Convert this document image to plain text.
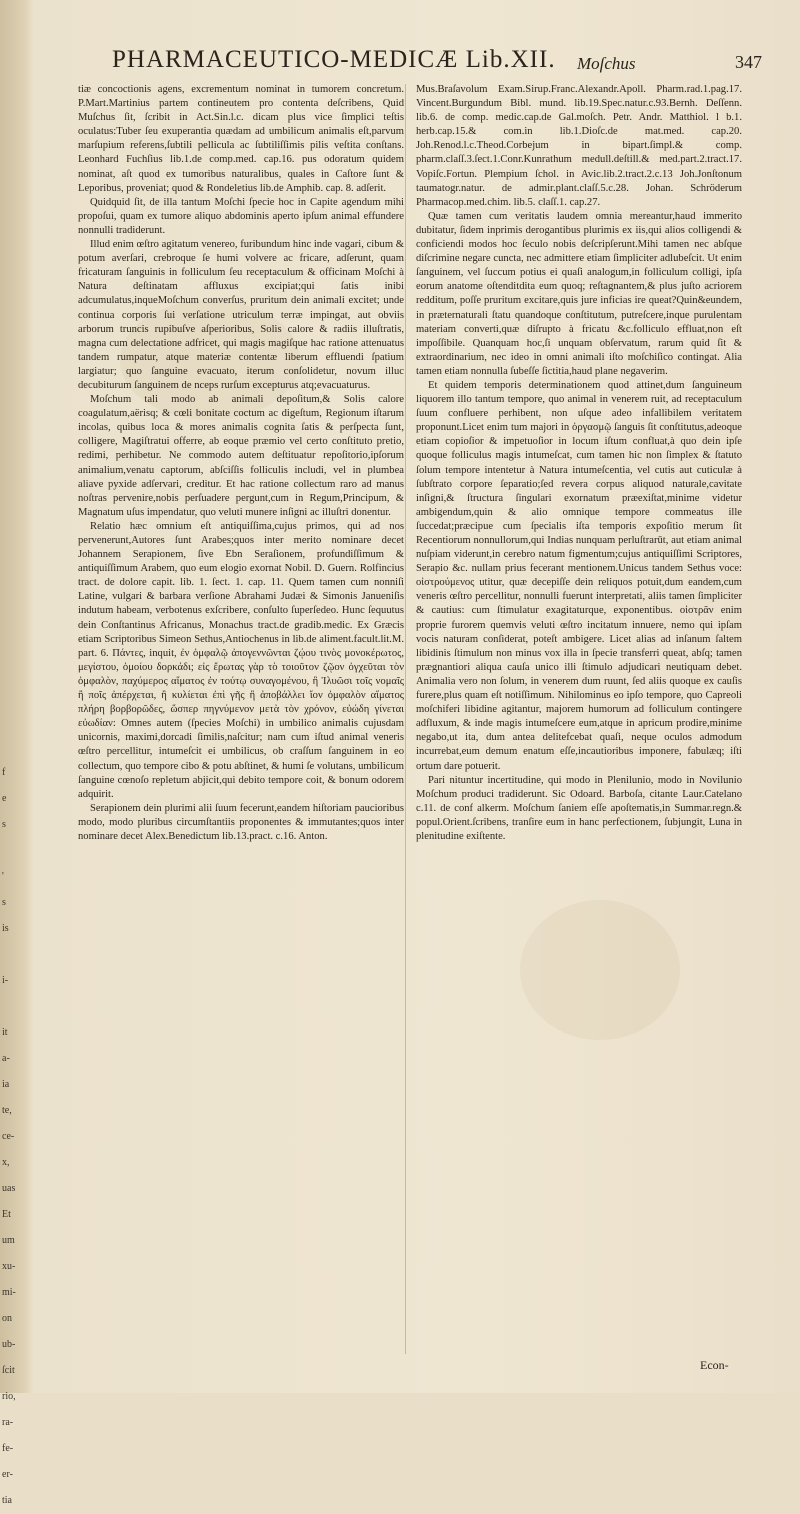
f
e
s

'
s
is

i-

it
a-
ia
te,
ce-
x,
uas
Et
um
xu-
mi-
on
ub-
ſcit
rio,
ra-
fe-
er-
tia
PHARMACEUTICO-MEDICÆ Lib.XII. Moſchus	347

tiæ concoctionis agens, excrementum nominat in tumorem concretum. P.Mart.Martinius partem contineutem pro contenta deſcribens, Quid Muſchus ſit, ſcribit in Act.Sin.l.c. dicam plus vice ſimplici teſtis oculatus:Tuber ſeu exuperantia quædam ad umbilicum animalis eſt,parvum marſupium referens,ſubtili pellicula ac ſubtiliſſimis pilis veſtita conſtans. Leonhard Fuchſius lib.1.de comp.med. cap.16. pus odoratum quidem nominat, aſt quod ex tumoribus naturalibus, quales in Caſtore ſunt & Leporibus, proveniat; quod & Rondeletius lib.de Amphib. cap. 8. adſerit.

Quidquid ſit, de illa tantum Moſchi ſpecie hoc in Capite agendum mihi propoſui, quam ex tumore aliquo abdominis aperto ipſum animal effundere nonnulli tradiderunt.

Illud enim œſtro agitatum venereo, furibundum hinc inde vagari, cibum & potum averſari, crebroque ſe humi volvere ac fricare, adſerunt, quam fricaturam ſanguinis in folliculum ſeu receptaculum & officinam Moſchi à Natura deſtinatam affluxus excipiat;qui ſatis inibi adcumulatus,inqueMoſchum converſus, pruritum dein animali excitet; unde continua corporis ſui verſatione utriculum terræ impingat, aut obviis arborum truncis rupibuſve aſperioribus, Solis calore & radiis illuſtratis, magna cum delectatione adfricet, qui magis magiſque hac ratione attenuatus tandem rumpatur, atque materiæ contentæ liberum effluendi ſpatium largiatur; quo ſanguine evacuato, iterum conſolidetur, novum illuc decubiturum ſanguinem de nceps rurſum excepturus atq;evacuaturus.

Moſchum tali modo ab animali depoſitum,& Solis calore coagulatum,aërisq; & cœli bonitate coctum ac digeſtum, Regionum iſtarum incolas, quibus loca & mores animalis cognita ſatis & perſpecta ſunt, colligere, Magiſtratui offerre, ab eoque præmio vel certo conſtituto pretio, redimi, perhibetur. Ne commodo autem deſtituatur repoſitorio,ipſorum animalium,venatu captorum, abſciſſis folliculis includi, vel in plumbea aliave pyxide adſervari, creditur. Et hac ratione collectum raro ad manus noſtras pervenire,nobis perſuadere pergunt,cum in Regum,Principum, & Magnatum uſus impendatur, quo veluti munere inſigni ac illuſtri donentur.

Relatio hæc omnium eſt antiquiſſima,cujus primos, qui ad nos pervenerunt,Autores ſunt Arabes;quos inter merito nominare decet Johannem Serapionem, ſive Ebn Seraſionem, profundiſſimum & antiquiſſimum Arabem, quo eum elogio exornat Nobil. D. Guern. Rolfincius tract. de dolore capit. lib. 1. ſect. 1. cap. 11. Quem tamen cum nonniſi Latine, vulgari & barbara verſione Abrahami Judæi & Simonis Janueniſis indutum habeam, verbotenus exſcribere, conſulto ſuperſedeo. Hunc ſequutus dein Conſtantinus Africanus, Monachus tract.de gradib.medic. Ex Græcis etiam Scriptoribus Simeon Sethus,Antiochenus in lib.de aliment.facult.lit.M. part. 6. Πάντες, inquit, ἐν ὀμφαλῷ ἀπογεννῶνται ζῴου τινὸς μονοκέρωτος, μεγίστου, ὁμοίου δορκάδι; εἰς ἔρωτας γὰρ τὸ τοιοῦτον ζῷον ὀγχεῦται τὸν ὀμφαλὸν, παχύμερος αἵματος ἐν τούτῳ συναγομένου, ἢ Ἰλυῶσι τοῖς νομαῖς ἢ ποῖς ἀπέρχεται, ἢ κυλίεται ἐπὶ γῆς ἢ ἀποβάλλει ἴον ὀμφαλὸν αἵματος πλήρη βορβορῶδες, ὥσπερ πηγνύμενον μετὰ τὸν χρόνον, εὐώδη γίνεται εὐωδίαν: Omnes autem (ſpecies Moſchi) in umbilico animalis cujusdam unicornis, maximi,dorcadi ſimilis,naſcitur; nam cum iſtud animal veneris œſtro percellitur, intumeſcit ei umbilicus, ob craſſum ſanguinem in eo collectum, quo tempore cibo & potu abſtinet, & humi ſe volutans, umbilicum ſanguine cœnoſo repletum abjicit,qui debito tempore coit, & bonum odorem adquirit.

Serapionem dein plurimi alii ſuum fecerunt,eandem hiſtoriam paucioribus modo, modo pluribus circumſtantiis proponentes & immutantes;quos inter nominare decet Alex.Benedictum lib.13.pract. c.16. Anton.

Mus.Braſavolum Exam.Sirup.Franc.Alexandr.Apoll. Pharm.rad.1.pag.17. Vincent.Burgundum Bibl. mund. lib.19.Spec.natur.c.93.Bernh. Deſſenn. lib.6. de comp. medic.cap.de Gal.moſch. Petr. Andr. Matthiol. l b.1. herb.cap.15.& com.in lib.1.Dioſc.de mat.med. cap.20. Joh.Renod.l.c.Theod.Corbejum in bipart.ſimpl.& comp. pharm.claſſ.3.ſect.1.Conr.Kunrathum medull.deſtill.& med.part.2.tract.17. Vopiſc.Fortun. Plempium ſchol. in Avic.lib.2.tract.2.c.13 Joh.Jonſtonum taumatogr.natur. de admir.plant.claſſ.5.c.28. Johan. Schröderum Pharmacop.med.chim. lib.5. claſſ.1. cap.27.

Quæ tamen cum veritatis laudem omnia mereantur,haud immerito dubitatur, ſidem inprimis derogantibus plurimis ex iis,qui alios colligendi & conficiendi modos hoc ſeculo nobis deſcripſerunt.Mihi tamen nec abſque diſcrimine negare cuncta, nec admittere etiam ſimpliciter adlubeſcit. Ut enim ſanguinem, vel ſuccum potius ei quaſi analogum,in folliculum colligi, ipſa eorum anatome oſtenditdita eum quoq; reſtagnantem,& plus juſto acriorem redditum, poſſe pruritum excitare,quis jure inficias ire queat?Quin&eundem, in præternaturali ſtatu quandoque conſtitutum, putreſcere,inque purulentam materiam converti,quæ diſrupto à fricatu &c.folliculo effluat,non eſt impoſſibile. Quanquam hoc,ſi unquam obſervatum, rarum quid ſit & extraordinarium, nec ideo in omni animali iſto moſchiſico contingat. Alia tamen etiam nonnulla ſubeſſe ſictitia,haud plane negaverim.

Et quidem temporis determinationem quod attinet,dum ſanguineum liquorem illo tantum tempore, quo animal in venerem ruit, ad receptaculum ſuum confluere perhibent, non uſque adeo infallibilem veritatem proponunt.Licet enim tum majori in ὀργασμῷ ſanguis ſit conſtitutus,adeoque etiam copioſior & impetuoſior in locum iſtum confluat,à quo dein ipſe quoque folliculus magis intumeſcat, cum tamen hic non ſimplex & ſtatuto ſolum tempore intentetur à Natura intumeſcentia, vel cutis aut cuticulæ à ſubſtrato corpore ſeparatio;ſed revera corpus aliquod naturale,cavitate inſigni,& ſtructura ſingulari exornatum præexiſtat,minime videtur ambigendum,quin & alio omnique tempore commeatus ille ſuccedat;præcipue cum ſpecialis iſta temporis expoſitio merum ſit Recentiorum nonnullorum,qui Indias nunquam perluſtrarūt, aut etiam animal nuſpiam viderunt,in cerebro natum figmentum;cujus antiquiſſimi Scriptores, Serapio &c. nullam prius fecerant mentionem.Unicus tandem Sethus voce: οἰστρούμενος utitur, quæ decepiſſe dein reliquos potuit,dum eandem,cum veneris œſtro percellitur, nonnulli fuerunt interpretati, aliis tamen ſimpliciter & cautius: cum ſtimulatur exagitaturque, exponentibus. οἰστρᾶν enim proprie furorem quemvis veluti œſtro incitatum innuere, nemo qui ipſam vocis naturam conſiderat, poteſt ambigere. Licet alias ad inſanum ſaltem libidinis ſtimulum non minus vox illa in ſpecie transferri queat, abſq; tamen prægnantiori aliqua cauſa unico illi ſtimulo adjudicari neutiquam debet. Animalia vero non ſolum, in venerem dum ruunt, ſed aliis quoque ex cauſis furere,plus quam eſt notiſſimum. Nihilominus eo ipſo tempore, quo Capreoli moſchiferi libidine agitantur, majorem humorum ad folliculum contingere adfluxum, & inde magis intumeſcere eum,atque in apricum prodire,minime negabo,ut ita, dum antea delitefcebat quaſi, neque oculos admodum incurrebat,eum demum enatum eſſe,incautioribus imponere, fabulæq; iſti ortum dare potuerit.

Pari nituntur incertitudine, qui modo in Plenilunio, modo in Novilunio Moſchum produci tradiderunt. Sic Odoard. Barboſa, citante Laur.Catelano c.11. de conf alkerm. Moſchum ſaniem eſſe apoſtematis,in Summar.regn.& popul.Orient.ſcribens, tranſire eum in hanc perfectionem, ſubjungit, Luna in plenitudine exiſtente.

Econ-
